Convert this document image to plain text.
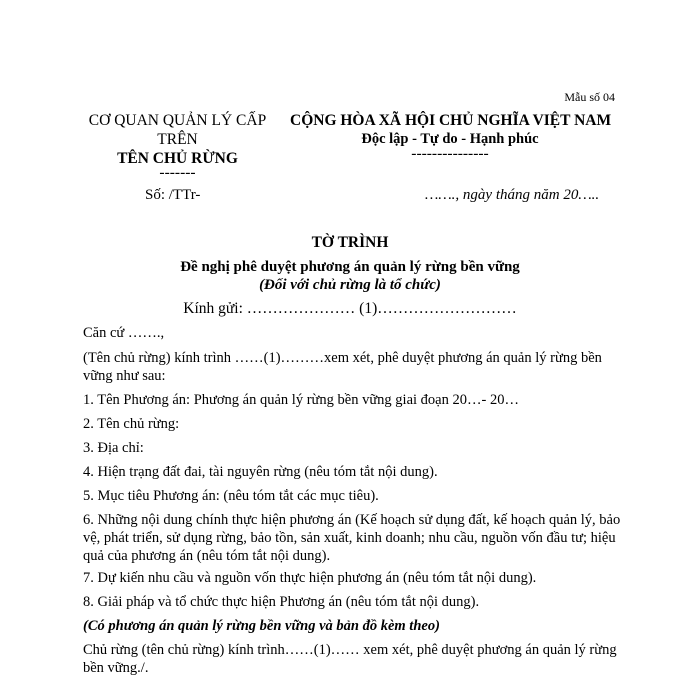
Mẫu số 04
CƠ QUAN QUẢN LÝ CẤP TRÊN
TÊN CHỦ RỪNG
-------
CỘNG HÒA XÃ HỘI CHỦ NGHĨA VIỆT NAM
Độc lập - Tự do - Hạnh phúc
---------------
Số: /TTr-	……., ngày tháng năm 20…..
TỜ TRÌNH
Đề nghị phê duyệt phương án quản lý rừng bền vững
(Đối với chủ rừng là tổ chức)
Kính gửi: ………………… (1)………………………
Căn cứ …….,
(Tên chủ rừng) kính trình ……(1)………xem xét, phê duyệt phương án quản lý rừng bền vững như sau:
1. Tên Phương án: Phương án quản lý rừng bền vững giai đoạn 20…- 20…
2. Tên chủ rừng:
3. Địa chỉ:
4. Hiện trạng đất đai, tài nguyên rừng (nêu tóm tắt nội dung).
5. Mục tiêu Phương án: (nêu tóm tắt các mục tiêu).
6. Những nội dung chính thực hiện phương án (Kế hoạch sử dụng đất, kế hoạch quản lý, bảo vệ, phát triển, sử dụng rừng, bảo tồn, sản xuất, kinh doanh; nhu cầu, nguồn vốn đầu tư; hiệu quả của phương án (nêu tóm tắt nội dung).
7. Dự kiến nhu cầu và nguồn vốn thực hiện phương án (nêu tóm tắt nội dung).
8. Giải pháp và tổ chức thực hiện Phương án (nêu tóm tắt nội dung).
(Có phương án quản lý rừng bền vững và bản đồ kèm theo)
Chủ rừng (tên chủ rừng) kính trình……(1)…… xem xét, phê duyệt phương án quản lý rừng bền vững./.
